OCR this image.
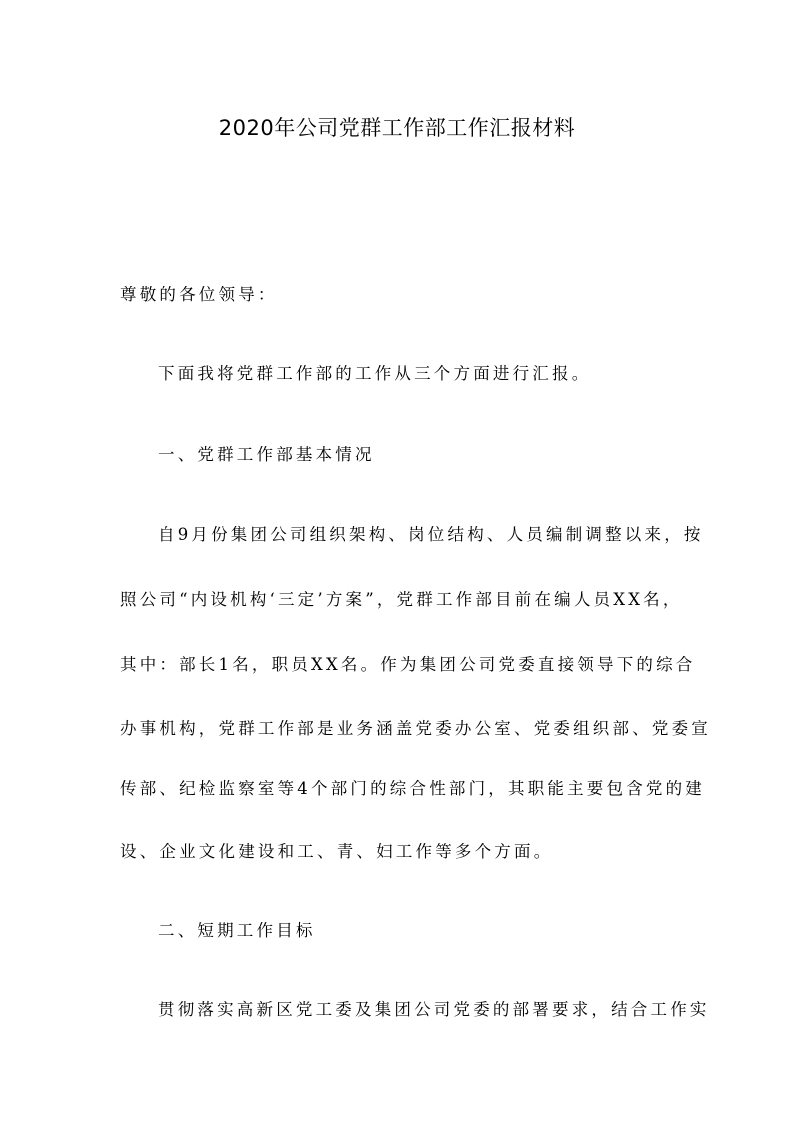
2020年公司党群工作部工作汇报材料

尊敬的各位领导：

下面我将党群工作部的工作从三个方面进行汇报。

一、党群工作部基本情况

自9月份集团公司组织架构、岗位结构、人员编制调整以来，按

照公司“内设机构‘三定’方案”，党群工作部目前在编人员XX名，

其中：部长1名，职员XX名。作为集团公司党委直接领导下的综合

办事机构，党群工作部是业务涵盖党委办公室、党委组织部、党委宣

传部、纪检监察室等4个部门的综合性部门，其职能主要包含党的建

设、企业文化建设和工、青、妇工作等多个方面。

二、短期工作目标

贯彻落实高新区党工委及集团公司党委的部署要求，结合工作实
